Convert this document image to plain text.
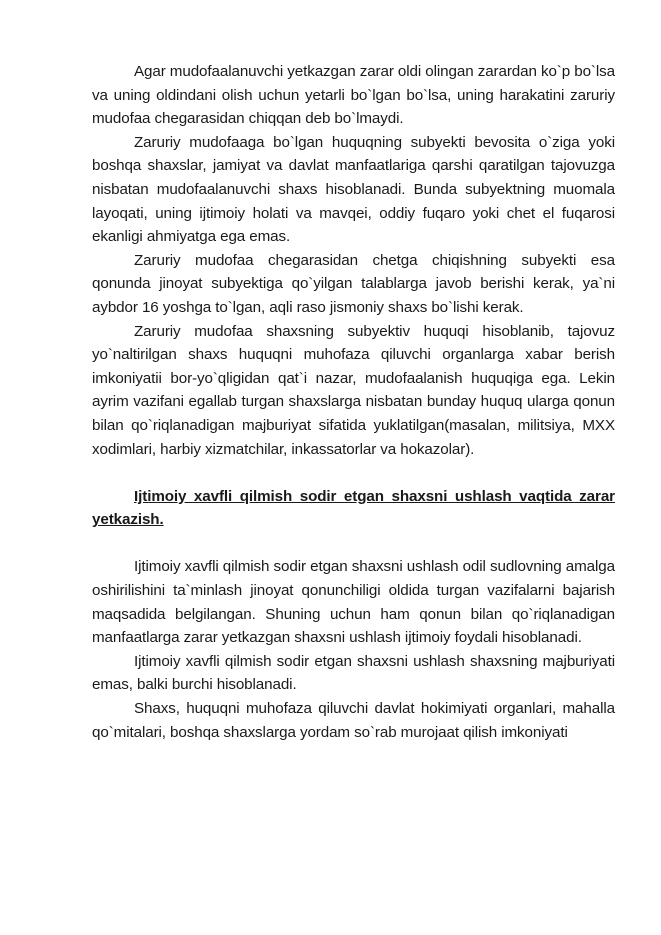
Agar mudofaalanuvchi yetkazgan zarar oldi olingan zarardan ko`p bo`lsa va uning oldindani olish uchun yetarli bo`lgan bo`lsa, uning harakatini zaruriy mudofaa chegarasidan chiqqan deb bo`lmaydi.

Zaruriy mudofaaga bo`lgan huquqning subyekti bevosita o`ziga yoki boshqa shaxslar, jamiyat va davlat manfaatlariga qarshi qaratilgan tajovuzga nisbatan mudofaalanuvchi shaxs hisoblanadi. Bunda subyektning muomala layoqati, uning ijtimoiy holati va mavqei, oddiy fuqaro yoki chet el fuqarosi ekanligi ahmiyatga ega emas.

Zaruriy mudofaa chegarasidan chetga chiqishning subyekti esa qonunda jinoyat subyektiga qo`yilgan talablarga javob berishi kerak, ya`ni aybdor 16 yoshga to`lgan, aqli raso jismoniy shaxs bo`lishi kerak.

Zaruriy mudofaa shaxsning subyektiv huquqi hisoblanib, tajovuz yo`naltirilgan shaxs huquqni muhofaza qiluvchi organlarga xabar berish imkoniyatii bor-yo`qligidan qat`i nazar, mudofaalanish huquqiga ega. Lekin ayrim vazifani egallab turgan shaxslarga nisbatan bunday huquq ularga qonun bilan qo`riqlanadigan majburiyat sifatida yuklatilgan(masalan, militsiya, MXX xodimlari, harbiy xizmatchilar, inkassatorlar va hokazolar).

Ijtimoiy xavfli qilmish sodir etgan shaxsni ushlash vaqtida zarar yetkazish.

Ijtimoiy xavfli qilmish sodir etgan shaxsni ushlash odil sudlovning amalga oshirilishini ta`minlash jinoyat qonunchiligi oldida turgan vazifalarni bajarish maqsadida belgilangan. Shuning uchun ham qonun bilan qo`riqlanadigan manfaatlarga zarar yetkazgan shaxsni ushlash ijtimoiy foydali hisoblanadi.

Ijtimoiy xavfli qilmish sodir etgan shaxsni ushlash shaxsning majburiyati emas, balki burchi hisoblanadi.

Shaxs, huquqni muhofaza qiluvchi davlat hokimiyati organlari, mahalla qo`mitalari, boshqa shaxslarga yordam so`rab murojaat qilish imkoniyati
